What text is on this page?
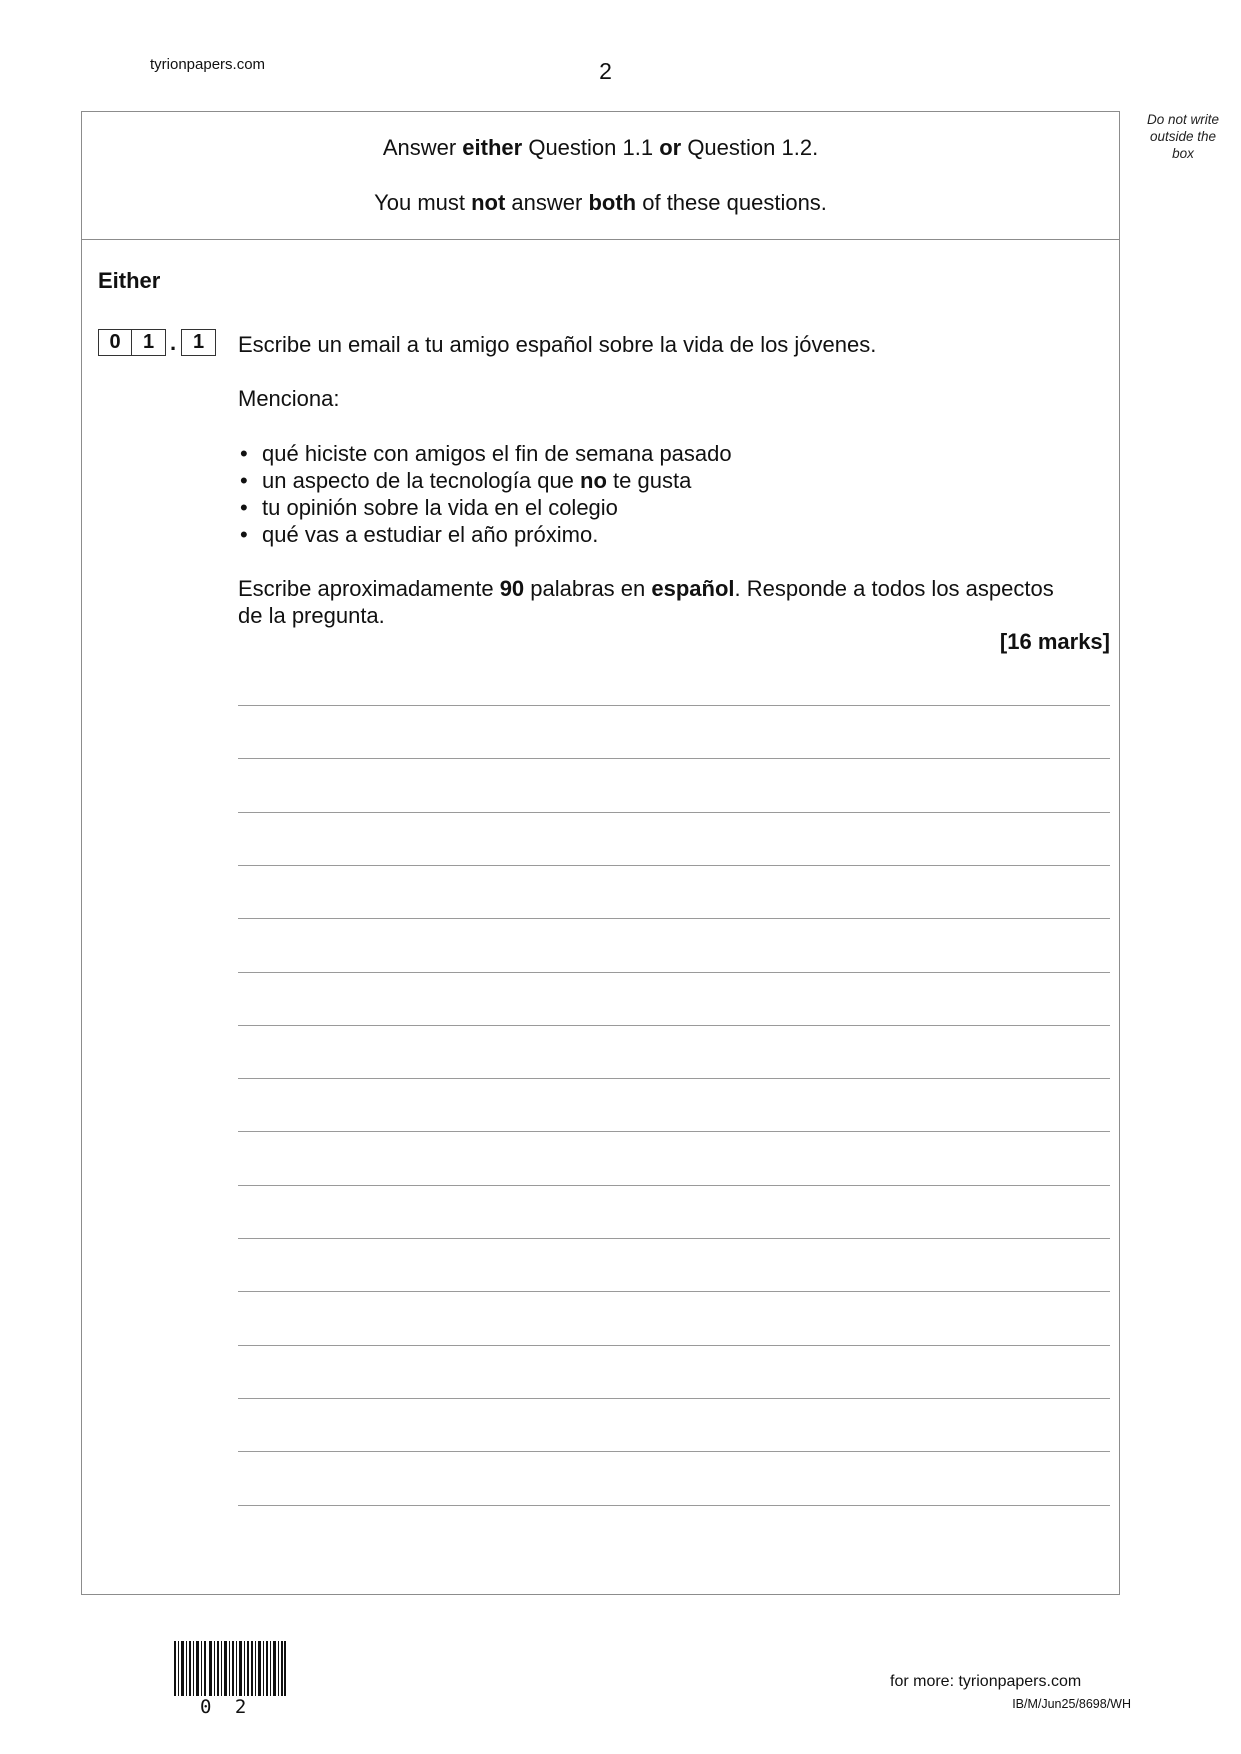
tyrionpapers.com	2
Do not write
outside the
box
Answer either Question 1.1 or Question 1.2.
You must not answer both of these questions.
Either
0	1 . 1	Escribe un email a tu amigo español sobre la vida de los jóvenes.
Menciona:
• qué hiciste con amigos el fin de semana pasado
• un aspecto de la tecnología que no te gusta
• tu opinión sobre la vida en el colegio
• qué vas a estudiar el año próximo.
Escribe aproximadamente 90 palabras en español. Responde a todos los aspectos
de la pregunta.
[16 marks]
0 2
for more: tyrionpapers.com
IB/M/Jun25/8698/WH
